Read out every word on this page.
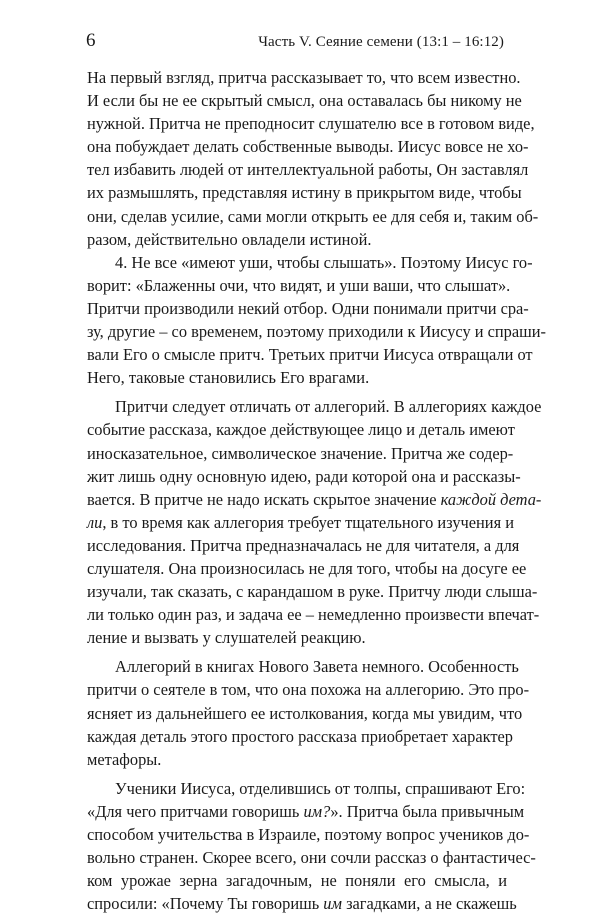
6	Часть V. Сеяние семени (13:1 – 16:12)
На первый взгляд, притча рассказывает то, что всем известно.
И если бы не ее скрытый смысл, она оставалась бы никому не
нужной. Притча не преподносит слушателю все в готовом виде,
она побуждает делать собственные выводы. Иисус вовсе не хо-
тел избавить людей от интеллектуальной работы, Он заставлял
их размышлять, представляя истину в прикрытом виде, чтобы
они, сделав усилие, сами могли открыть ее для себя и, таким об-
разом, действительно овладели истиной.
4. Не все «имеют уши, чтобы слышать». Поэтому Иисус го-
ворит: «Блаженны очи, что видят, и уши ваши, что слышат».
Притчи производили некий отбор. Одни понимали притчи сра-
зу, другие – со временем, поэтому приходили к Иисусу и спраши-
вали Его о смысле притч. Третьих притчи Иисуса отвращали от
Него, таковые становились Его врагами.
Притчи следует отличать от аллегорий. В аллегориях каждое
событие рассказа, каждое действующее лицо и деталь имеют
иносказательное, символическое значение. Притча же содер-
жит лишь одну основную идею, ради которой она и рассказы-
вается. В притче не надо искать скрытое значение каждой дета-
ли, в то время как аллегория требует тщательного изучения и
исследования. Притча предназначалась не для читателя, а для
слушателя. Она произносилась не для того, чтобы на досуге ее
изучали, так сказать, с карандашом в руке. Притчу люди слыша-
ли только один раз, и задача ее – немедленно произвести впечат-
ление и вызвать у слушателей реакцию.
Аллегорий в книгах Нового Завета немного. Особенность
притчи о сеятеле в том, что она похожа на аллегорию. Это про-
ясняет из дальнейшего ее истолкования, когда мы увидим, что
каждая деталь этого простого рассказа приобретает характер
метафоры.
Ученики Иисуса, отделившись от толпы, спрашивают Его:
«Для чего притчами говоришь им?». Притча была привычным
способом учительства в Израиле, поэтому вопрос учеников до-
вольно странен. Скорее всего, они сочли рассказ о фантастичес-
ком урожае зерна загадочным, не поняли его смысла, и
спросили: «Почему Ты говоришь им загадками, а не скажешь
